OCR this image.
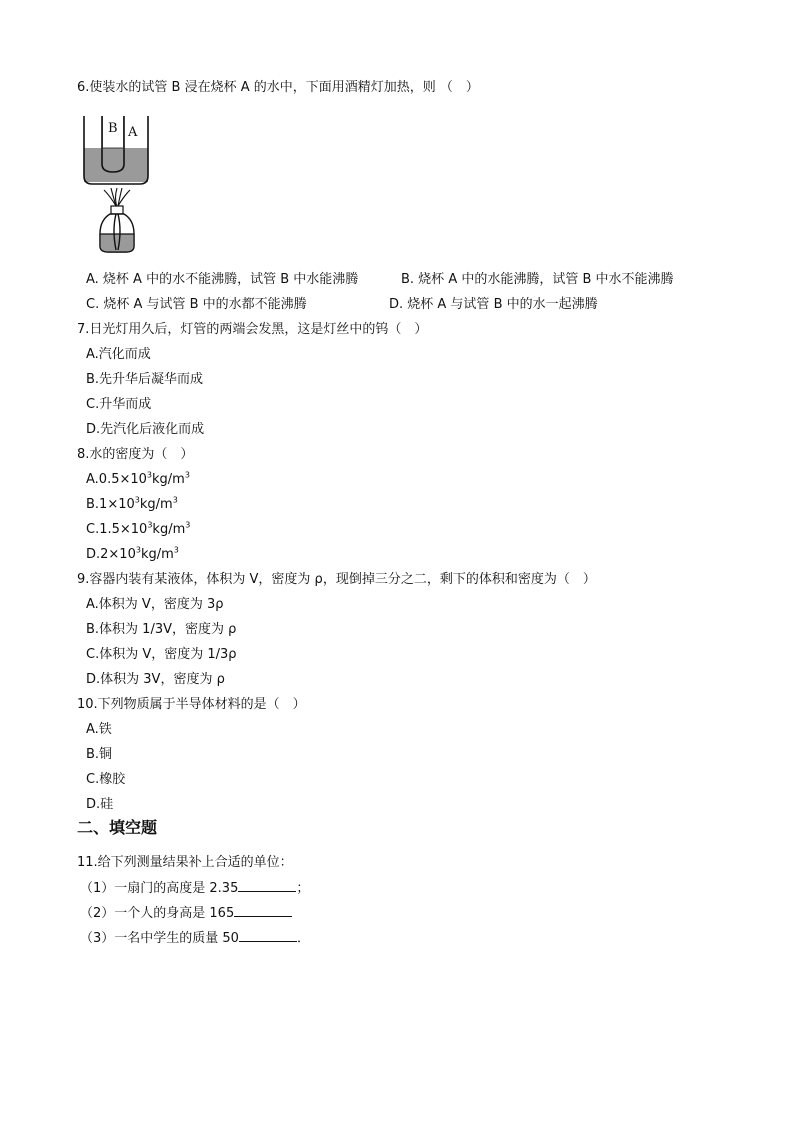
6.使装水的试管 B 浸在烧杯 A 的水中，下面用酒精灯加热，则 （　）
B A
A. 烧杯 A 中的水不能沸腾，试管 B 中水能沸腾	B. 烧杯 A 中的水能沸腾，试管 B 中水不能沸腾
C. 烧杯 A 与试管 B 中的水都不能沸腾	D. 烧杯 A 与试管 B 中的水一起沸腾
7.日光灯用久后，灯管的两端会发黑，这是灯丝中的钨（　）
A.汽化而成
B.先升华后凝华而成
C.升华而成
D.先汽化后液化而成
8.水的密度为（　）
$A.0.5\times 10^3kg/m^3$
$B.1\times 10^3kg/m^3$
$C.1.5\times 10^3kg/m^3$
$D.2\times 10^3kg/m^3$
9.容器内装有某液体，体积为 V，密度为 ρ，现倒掉三分之二，剩下的体积和密度为（　）
A.体积为 V，密度为 3ρ
B.体积为 1/3V，密度为 ρ
C.体积为 V，密度为 1/3ρ
D.体积为 3V，密度为 ρ
10.下列物质属于半导体材料的是（　）
A.铁
B.铜
C.橡胶
D.硅
二、填空题
11.给下列测量结果补上合适的单位：
（1）一扇门的高度是 2.35	；
（2）一个人的身高是 165
（3）一名中学生的质量 50	．
